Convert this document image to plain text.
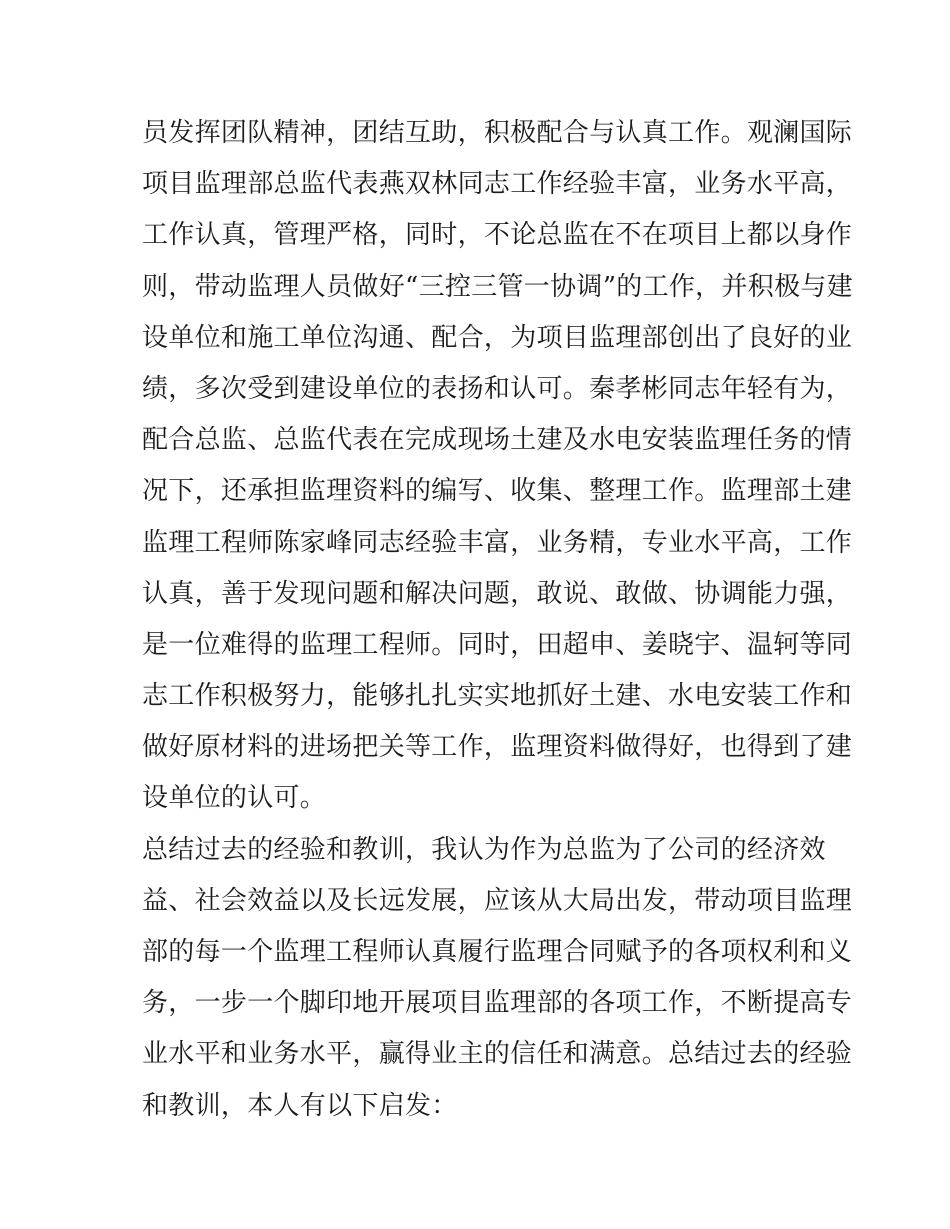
员发挥团队精神，团结互助，积极配合与认真工作。观澜国际
项目监理部总监代表燕双林同志工作经验丰富，业务水平高，
工作认真，管理严格，同时，不论总监在不在项目上都以身作
则，带动监理人员做好“三控三管一协调”的工作，并积极与建
设单位和施工单位沟通、配合，为项目监理部创出了良好的业
绩，多次受到建设单位的表扬和认可。秦孝彬同志年轻有为，
配合总监、总监代表在完成现场土建及水电安装监理任务的情
况下，还承担监理资料的编写、收集、整理工作。监理部土建
监理工程师陈家峰同志经验丰富，业务精，专业水平高，工作
认真，善于发现问题和解决问题，敢说、敢做、协调能力强，
是一位难得的监理工程师。同时，田超申、姜晓宇、温轲等同
志工作积极努力，能够扎扎实实地抓好土建、水电安装工作和
做好原材料的进场把关等工作，监理资料做得好，也得到了建
设单位的认可。
总结过去的经验和教训，我认为作为总监为了公司的经济效
益、社会效益以及长远发展，应该从大局出发，带动项目监理
部的每一个监理工程师认真履行监理合同赋予的各项权利和义
务，一步一个脚印地开展项目监理部的各项工作，不断提高专
业水平和业务水平，赢得业主的信任和满意。总结过去的经验
和教训，本人有以下启发：
